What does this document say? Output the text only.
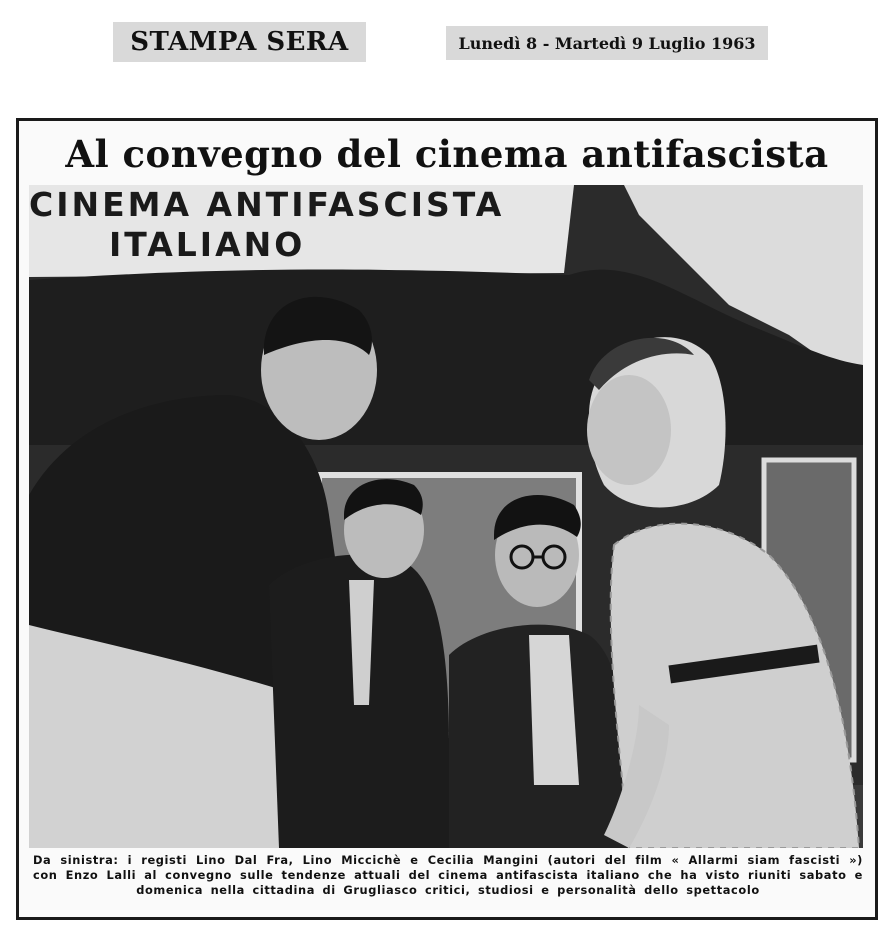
STAMPA SERA	Lunedì 8 - Martedì 9 Luglio 1963
Al convegno del cinema antifascista
CINEMA ANTIFASCISTA
ITALIANO
Da sinistra: i registi Lino Dal Fra, Lino Miccichè e Cecilia Mangini (autori del film « Allarmi siam fascisti ») con Enzo Lalli al convegno sulle tendenze attuali del cinema antifascista italiano che ha visto riuniti sabato e domenica nella cittadina di Grugliasco critici, studiosi e personalità dello spettacolo
